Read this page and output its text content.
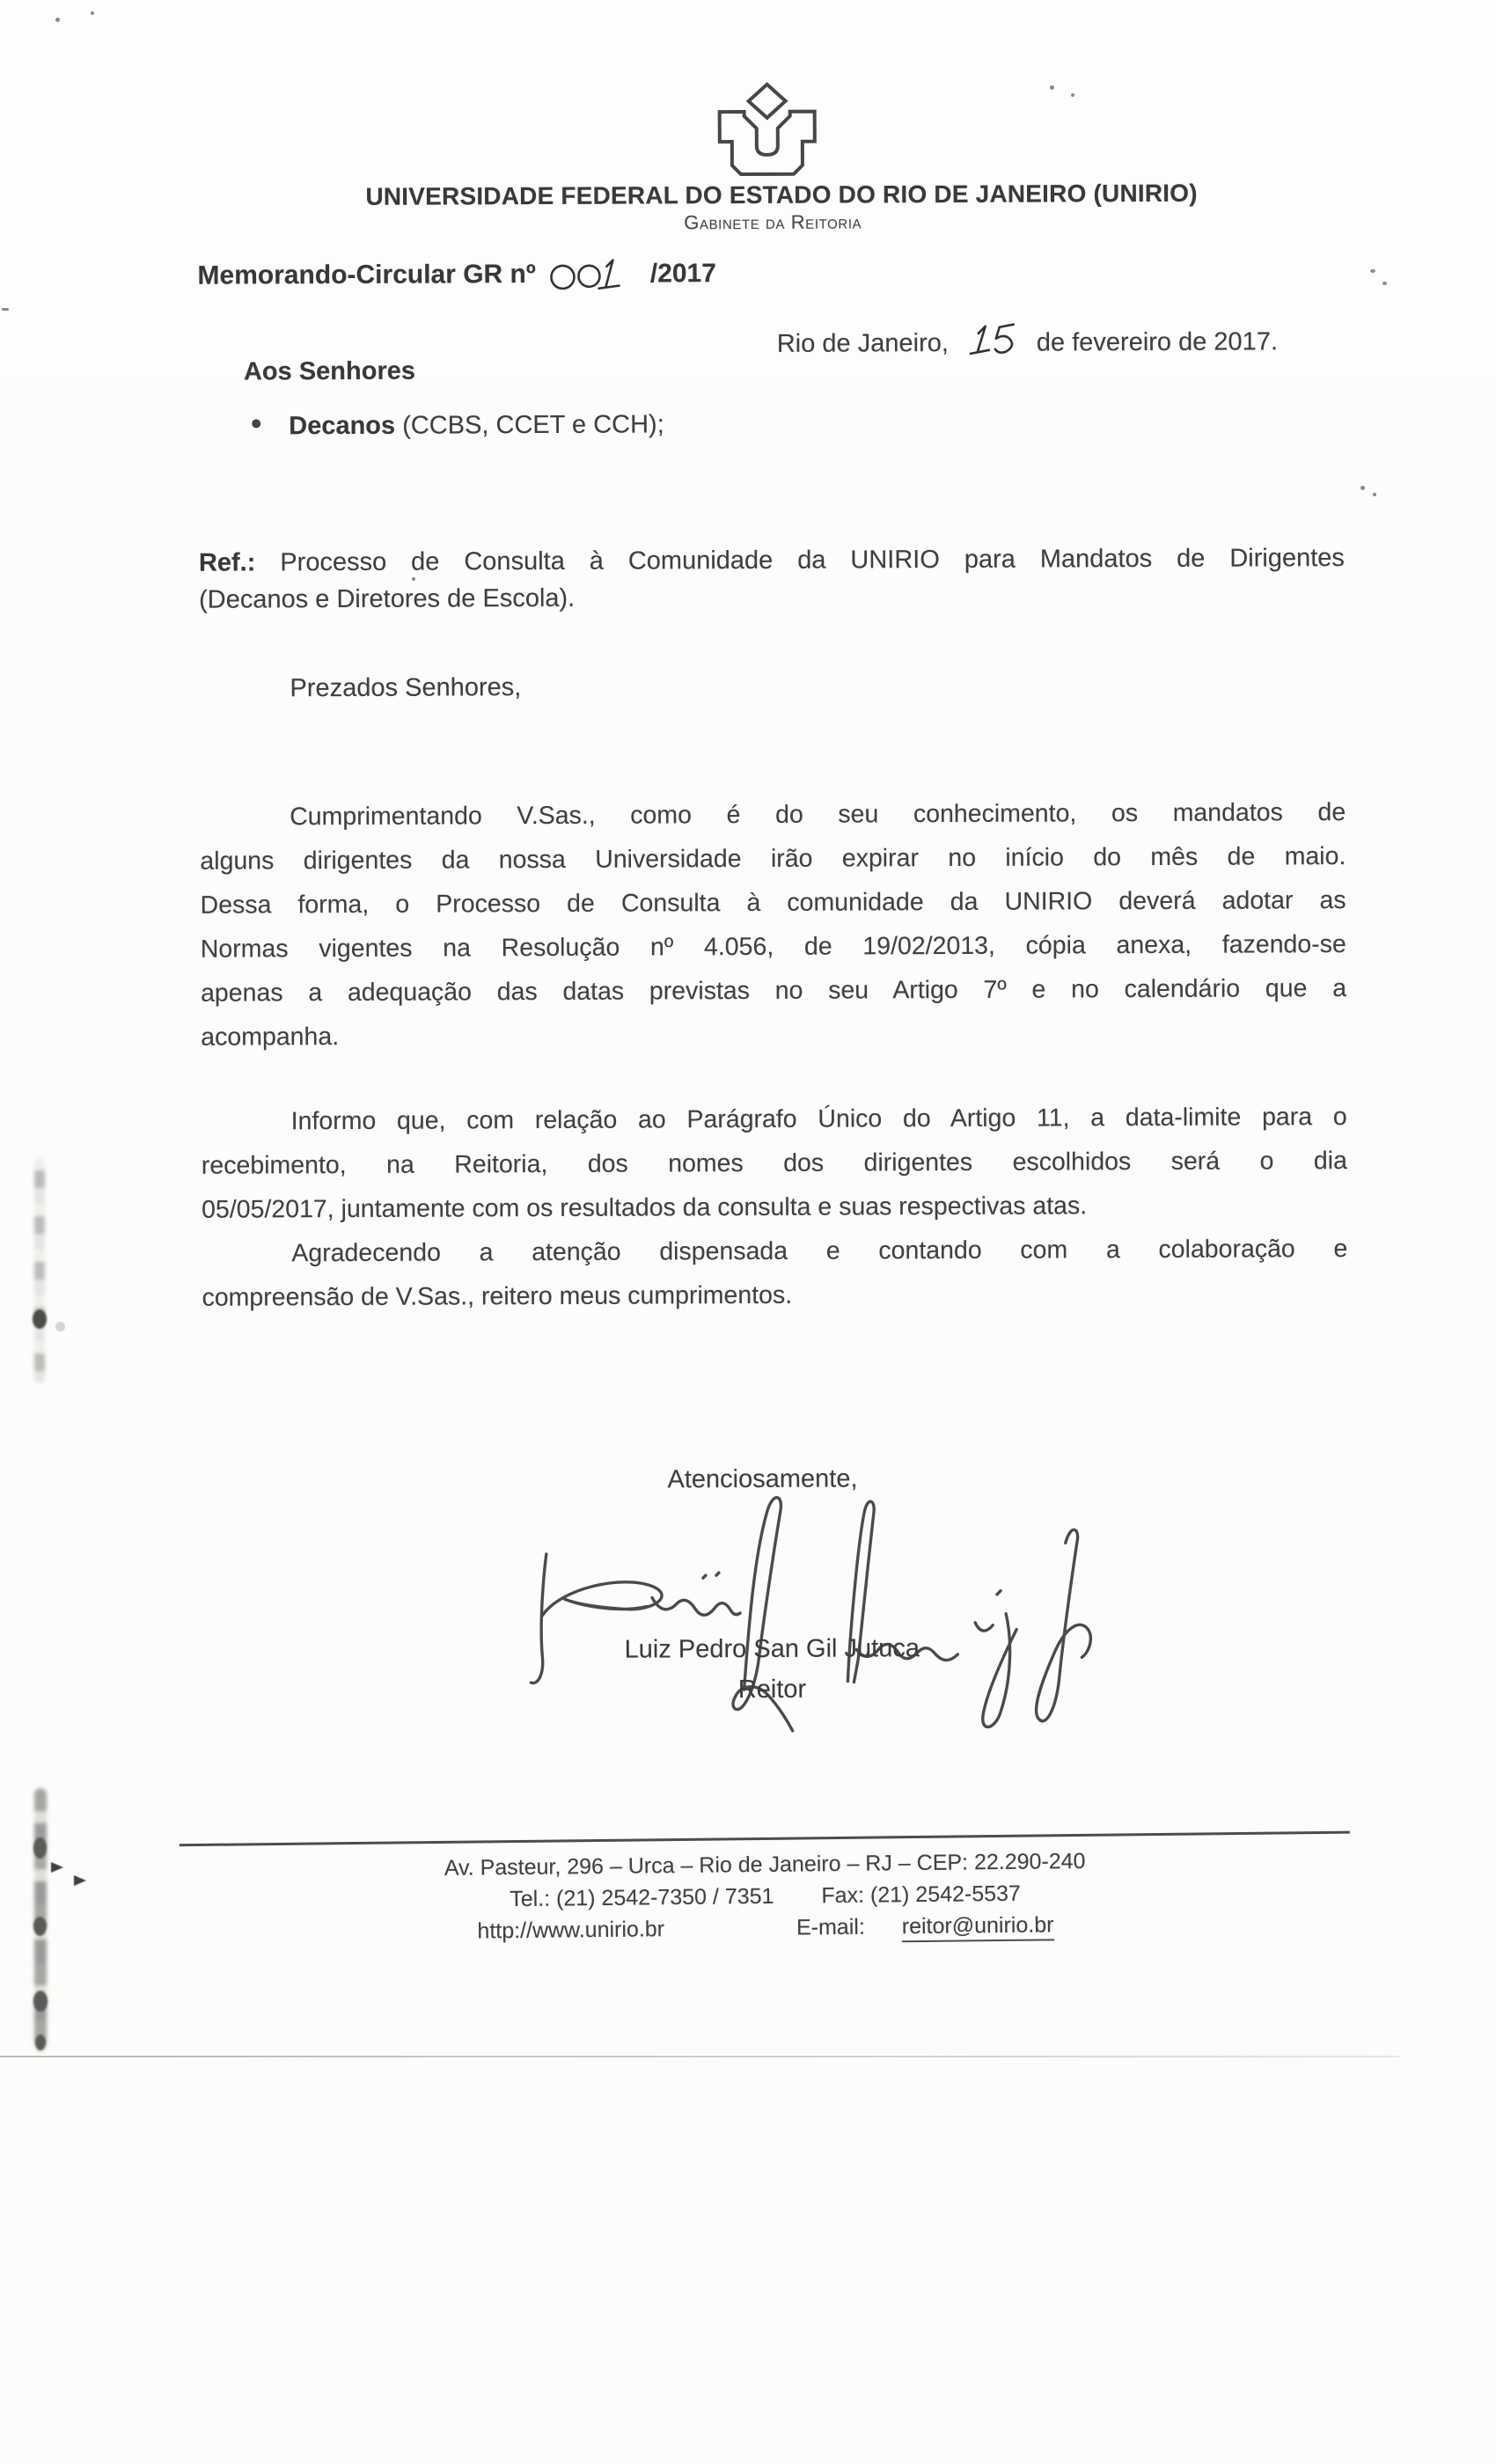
UNIVERSIDADE FEDERAL DO ESTADO DO RIO DE JANEIRO (UNIRIO)
Gabinete da Reitoria
Memorando-Circular GR nº	/2017
Rio de Janeiro,	de fevereiro de 2017.
Aos Senhores
Decanos (CCBS, CCET e CCH);
Ref.: Processo de Consulta à Comunidade da UNIRIO para Mandatos de Dirigentes
(Decanos e Diretores de Escola).
Prezados Senhores,
Cumprimentando V.Sas., como é do seu conhecimento, os mandatos de
alguns dirigentes da nossa Universidade irão expirar no início do mês de maio.
Dessa forma, o Processo de Consulta à comunidade da UNIRIO deverá adotar as
Normas vigentes na Resolução nº 4.056, de 19/02/2013, cópia anexa, fazendo-se
apenas a adequação das datas previstas no seu Artigo 7º e no calendário que a
acompanha.
Informo que, com relação ao Parágrafo Único do Artigo 11, a data-limite para o
recebimento, na Reitoria, dos nomes dos dirigentes escolhidos será o dia
05/05/2017, juntamente com os resultados da consulta e suas respectivas atas.
Agradecendo a atenção dispensada e contando com a colaboração e
compreensão de V.Sas., reitero meus cumprimentos.
Atenciosamente,
Luiz Pedro San Gil Jutuca
Reitor
Av. Pasteur, 296 – Urca – Rio de Janeiro – RJ – CEP: 22.290-240
Tel.: (21) 2542-7350 / 7351 Fax: (21) 2542-5537
http://www.unirio.br	E-mail: reitor@unirio.br
